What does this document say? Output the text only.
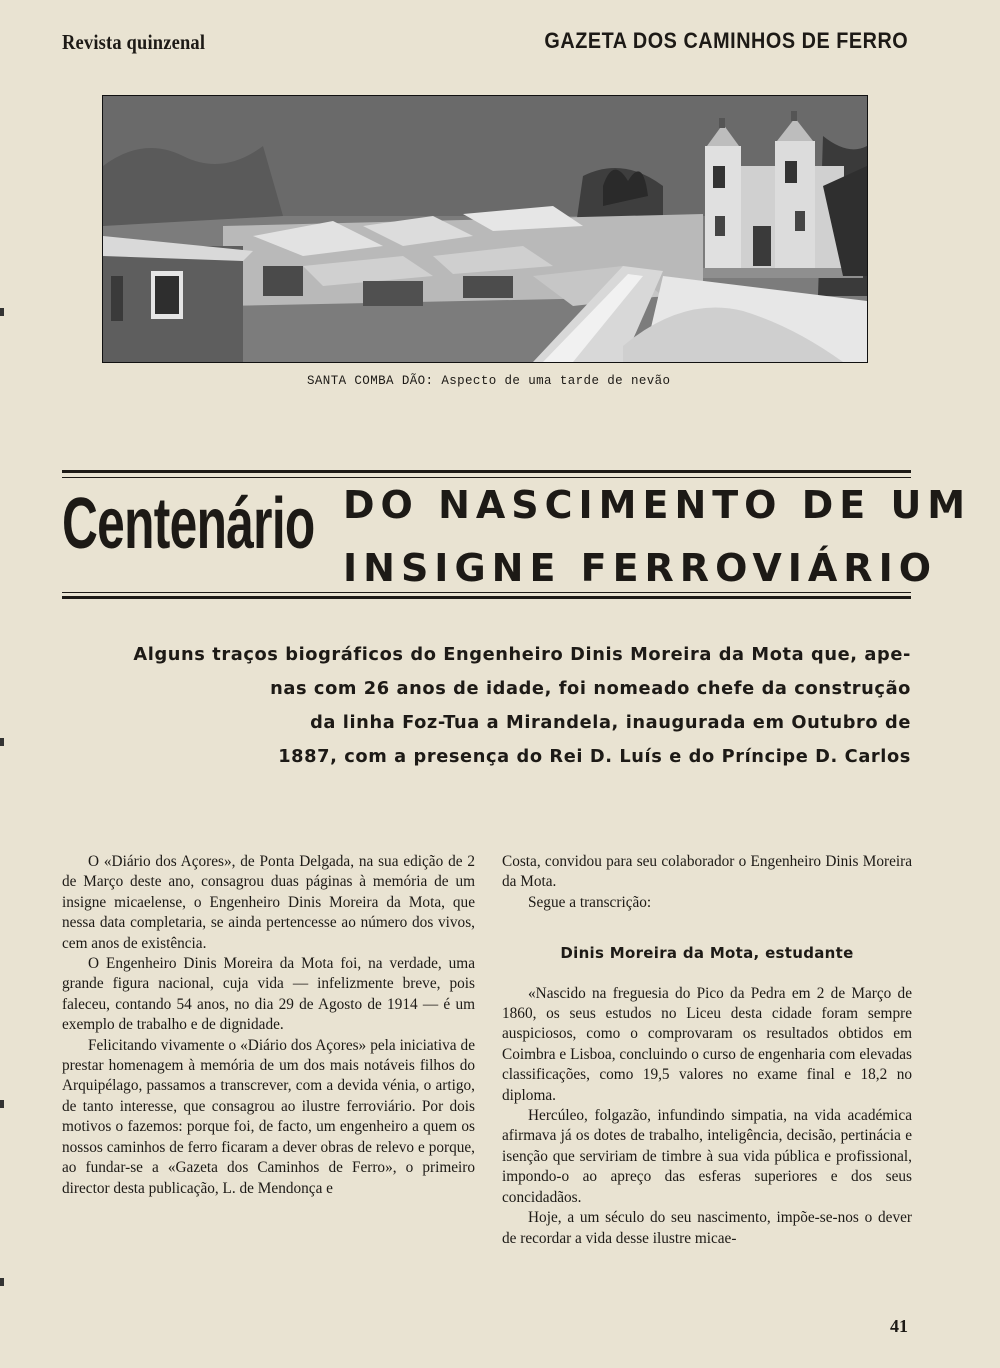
Revista quinzenal	GAZETA DOS CAMINHOS DE FERRO
SANTA COMBA DÃO: Aspecto de uma tarde de nevão
Centenário DO NASCIMENTO DE UM
INSIGNE FERROVIÁRIO
Alguns traços biográficos do Engenheiro Dinis Moreira da Mota que, ape-
nas com 26 anos de idade, foi nomeado chefe da construção
da linha Foz-Tua a Mirandela, inaugurada em Outubro de
1887, com a presença do Rei D. Luís e do Príncipe D. Carlos

O «Diário dos Açores», de Ponta Delgada, na sua edição de 2 de Março deste ano, consagrou duas páginas à memória de um insigne micaelense, o Engenheiro Dinis Moreira da Mota, que nessa data completaria, se ainda pertencesse ao número dos vivos, cem anos de existência.

O Engenheiro Dinis Moreira da Mota foi, na verdade, uma grande figura nacional, cuja vida — infelizmente breve, pois faleceu, contando 54 anos, no dia 29 de Agosto de 1914 — é um exemplo de trabalho e de dignidade.

Felicitando vivamente o «Diário dos Açores» pela iniciativa de prestar homenagem à memória de um dos mais notáveis filhos do Arquipélago, passamos a transcrever, com a devida vénia, o artigo, de tanto interesse, que consagrou ao ilustre ferroviário. Por dois motivos o fazemos: porque foi, de facto, um engenheiro a quem os nossos caminhos de ferro ficaram a dever obras de relevo e porque, ao fundar-se a «Gazeta dos Caminhos de Ferro», o primeiro director desta publicação, L. de Mendonça e

Costa, convidou para seu colaborador o Engenheiro Dinis Moreira da Mota.

Segue a transcrição:

Dinis Moreira da Mota, estudante

«Nascido na freguesia do Pico da Pedra em 2 de Março de 1860, os seus estudos no Liceu desta cidade foram sempre auspiciosos, como o comprovaram os resultados obtidos em Coimbra e Lisboa, concluindo o curso de engenharia com elevadas classificações, como 19,5 valores no exame final e 18,2 no diploma.

Hercúleo, folgazão, infundindo simpatia, na vida académica afirmava já os dotes de trabalho, inteligência, decisão, pertinácia e isenção que serviriam de timbre à sua vida pública e profissional, impondo-o ao apreço das esferas superiores e dos seus concidadãos.

Hoje, a um século do seu nascimento, impõe-se-nos o dever de recordar a vida desse ilustre micae-

41
